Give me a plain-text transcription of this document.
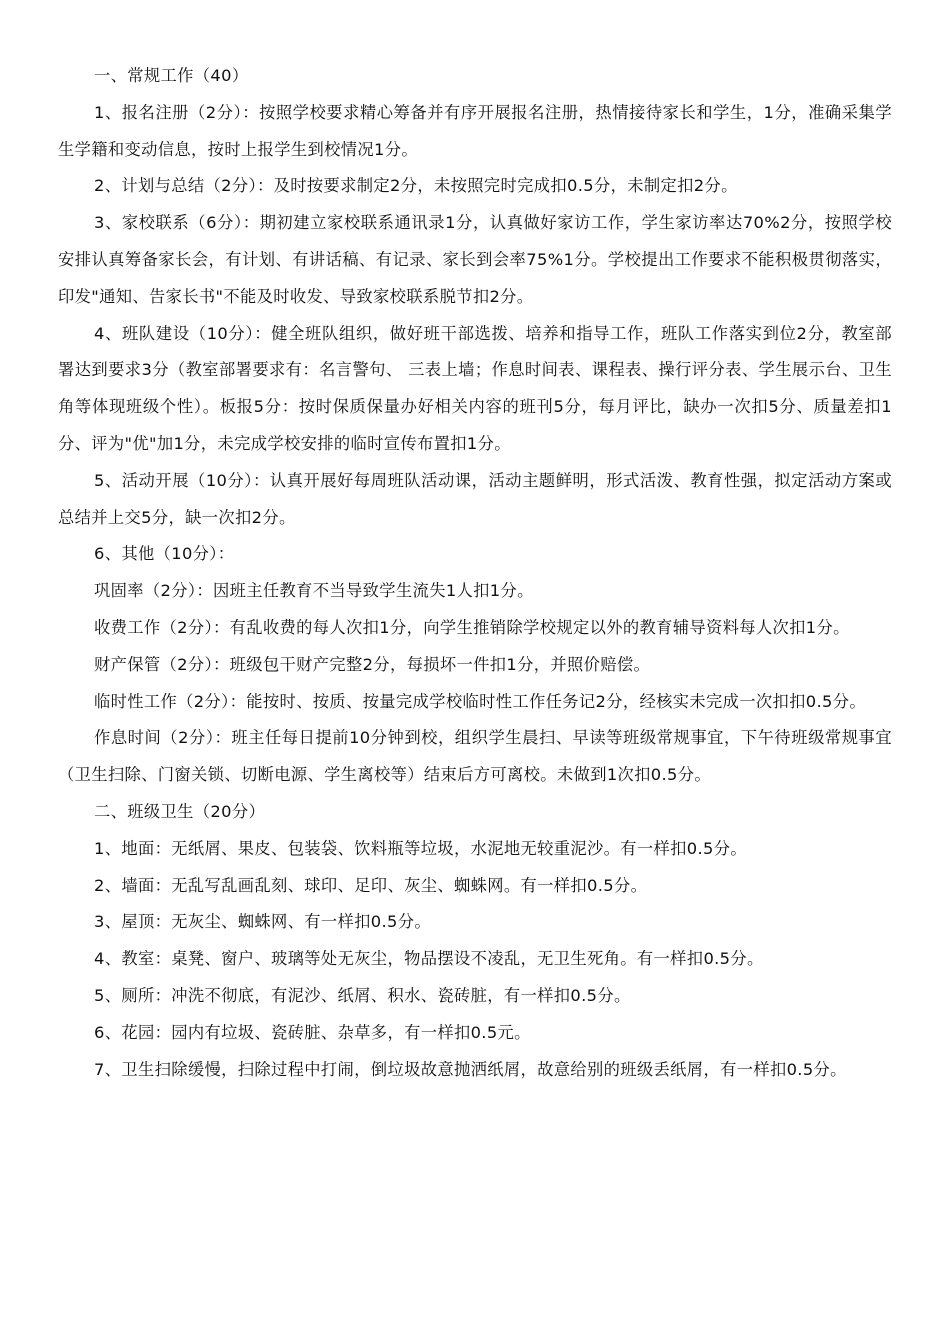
一、常规工作（40）

1、报名注册（2分）：按照学校要求精心筹备并有序开展报名注册，热情接待家长和学生，1分，准确采集学生学籍和变动信息，按时上报学生到校情况1分。

2、计划与总结（2分）：及时按要求制定2分，未按照完时完成扣0.5分，未制定扣2分。

3、家校联系（6分）：期初建立家校联系通讯录1分，认真做好家访工作，学生家访率达70%2分，按照学校安排认真筹备家长会，有计划、有讲话稿、有记录、家长到会率75%1分。学校提出工作要求不能积极贯彻落实，印发"通知、告家长书"不能及时收发、导致家校联系脱节扣2分。

4、班队建设（10分）：健全班队组织，做好班干部选拨、培养和指导工作，班队工作落实到位2分，教室部署达到要求3分（教室部署要求有：名言警句、 三表上墙；作息时间表、课程表、操行评分表、学生展示台、卫生角等体现班级个性）。板报5分：按时保质保量办好相关内容的班刊5分，每月评比，缺办一次扣5分、质量差扣1分、评为"优"加1分，未完成学校安排的临时宣传布置扣1分。

5、活动开展（10分）：认真开展好每周班队活动课，活动主题鲜明，形式活泼、教育性强，拟定活动方案或总结并上交5分，缺一次扣2分。

6、其他（10分）：

巩固率（2分）：因班主任教育不当导致学生流失1人扣1分。

收费工作（2分）：有乱收费的每人次扣1分，向学生推销除学校规定以外的教育辅导资料每人次扣1分。

财产保管（2分）：班级包干财产完整2分，每损坏一件扣1分，并照价赔偿。

临时性工作（2分）：能按时、按质、按量完成学校临时性工作任务记2分，经核实未完成一次扣扣0.5分。

作息时间（2分）：班主任每日提前10分钟到校，组织学生晨扫、早读等班级常规事宜，下午待班级常规事宜（卫生扫除、门窗关锁、切断电源、学生离校等）结束后方可离校。未做到1次扣0.5分。

二、班级卫生（20分）

1、地面：无纸屑、果皮、包装袋、饮料瓶等垃圾，水泥地无较重泥沙。有一样扣0.5分。

2、墙面：无乱写乱画乱刻、球印、足印、灰尘、蜘蛛网。有一样扣0.5分。

3、屋顶：无灰尘、蜘蛛网、有一样扣0.5分。

4、教室：桌凳、窗户、玻璃等处无灰尘，物品摆设不凌乱，无卫生死角。有一样扣0.5分。

5、厕所：冲洗不彻底，有泥沙、纸屑、积水、瓷砖脏，有一样扣0.5分。

6、花园：园内有垃圾、瓷砖脏、杂草多，有一样扣0.5元。

7、卫生扫除缓慢，扫除过程中打闹，倒垃圾故意抛洒纸屑，故意给别的班级丢纸屑，有一样扣0.5分。
